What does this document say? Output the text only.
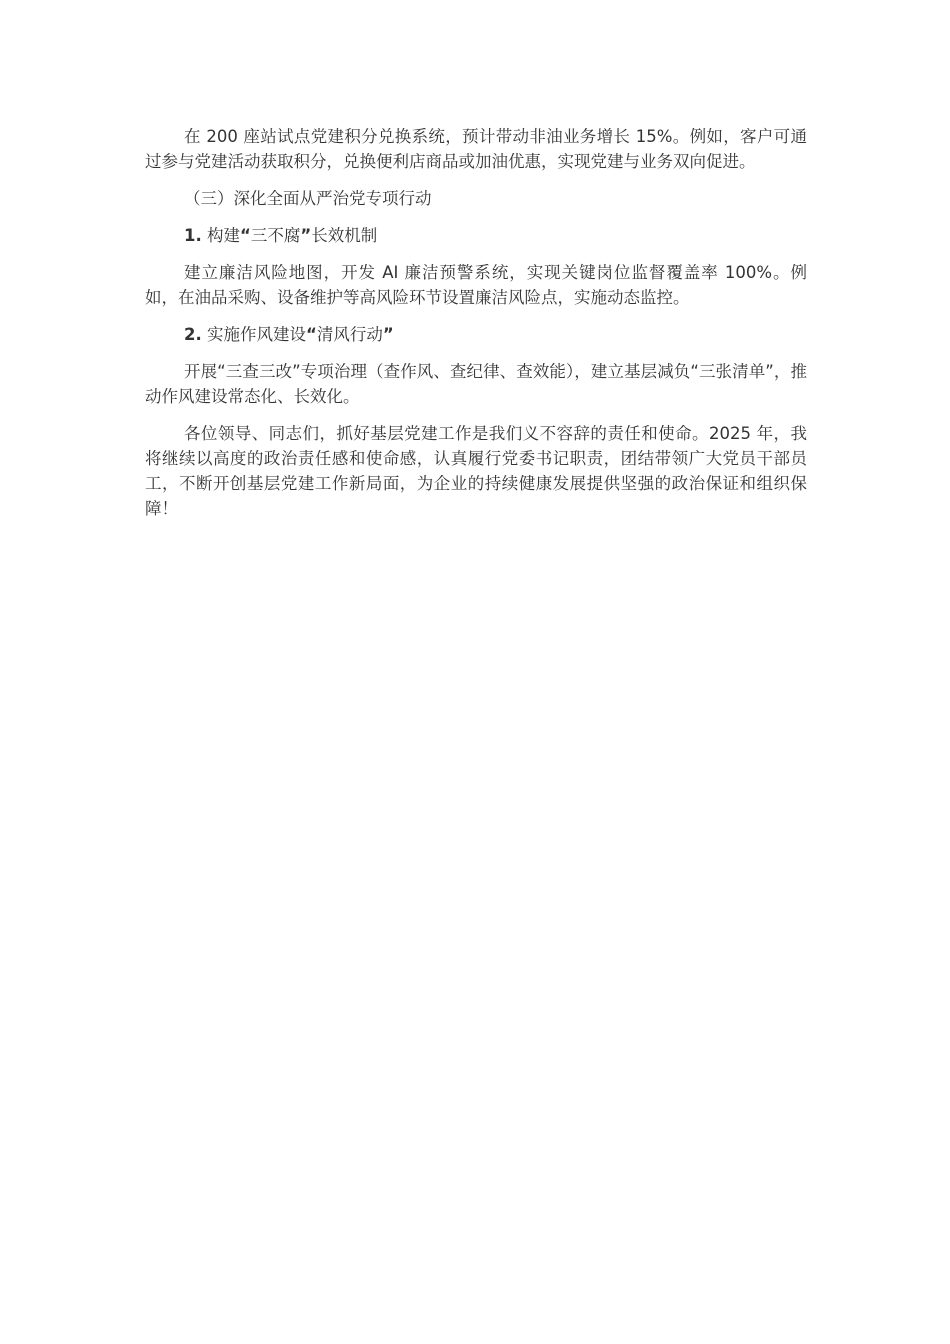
在 200 座站试点党建积分兑换系统，预计带动非油业务增长 15%。例如，客户可通过参与党建活动获取积分，兑换便利店商品或加油优惠，实现党建与业务双向促进。

（三）深化全面从严治党专项行动

1. 构建“三不腐”长效机制

建立廉洁风险地图，开发 AI 廉洁预警系统，实现关键岗位监督覆盖率 100%。例如，在油品采购、设备维护等高风险环节设置廉洁风险点，实施动态监控。

2. 实施作风建设“清风行动”

开展“三查三改”专项治理（查作风、查纪律、查效能），建立基层减负“三张清单”，推动作风建设常态化、长效化。

各位领导、同志们，抓好基层党建工作是我们义不容辞的责任和使命。2025 年，我将继续以高度的政治责任感和使命感，认真履行党委书记职责，团结带领广大党员干部员工，不断开创基层党建工作新局面，为企业的持续健康发展提供坚强的政治保证和组织保障！
